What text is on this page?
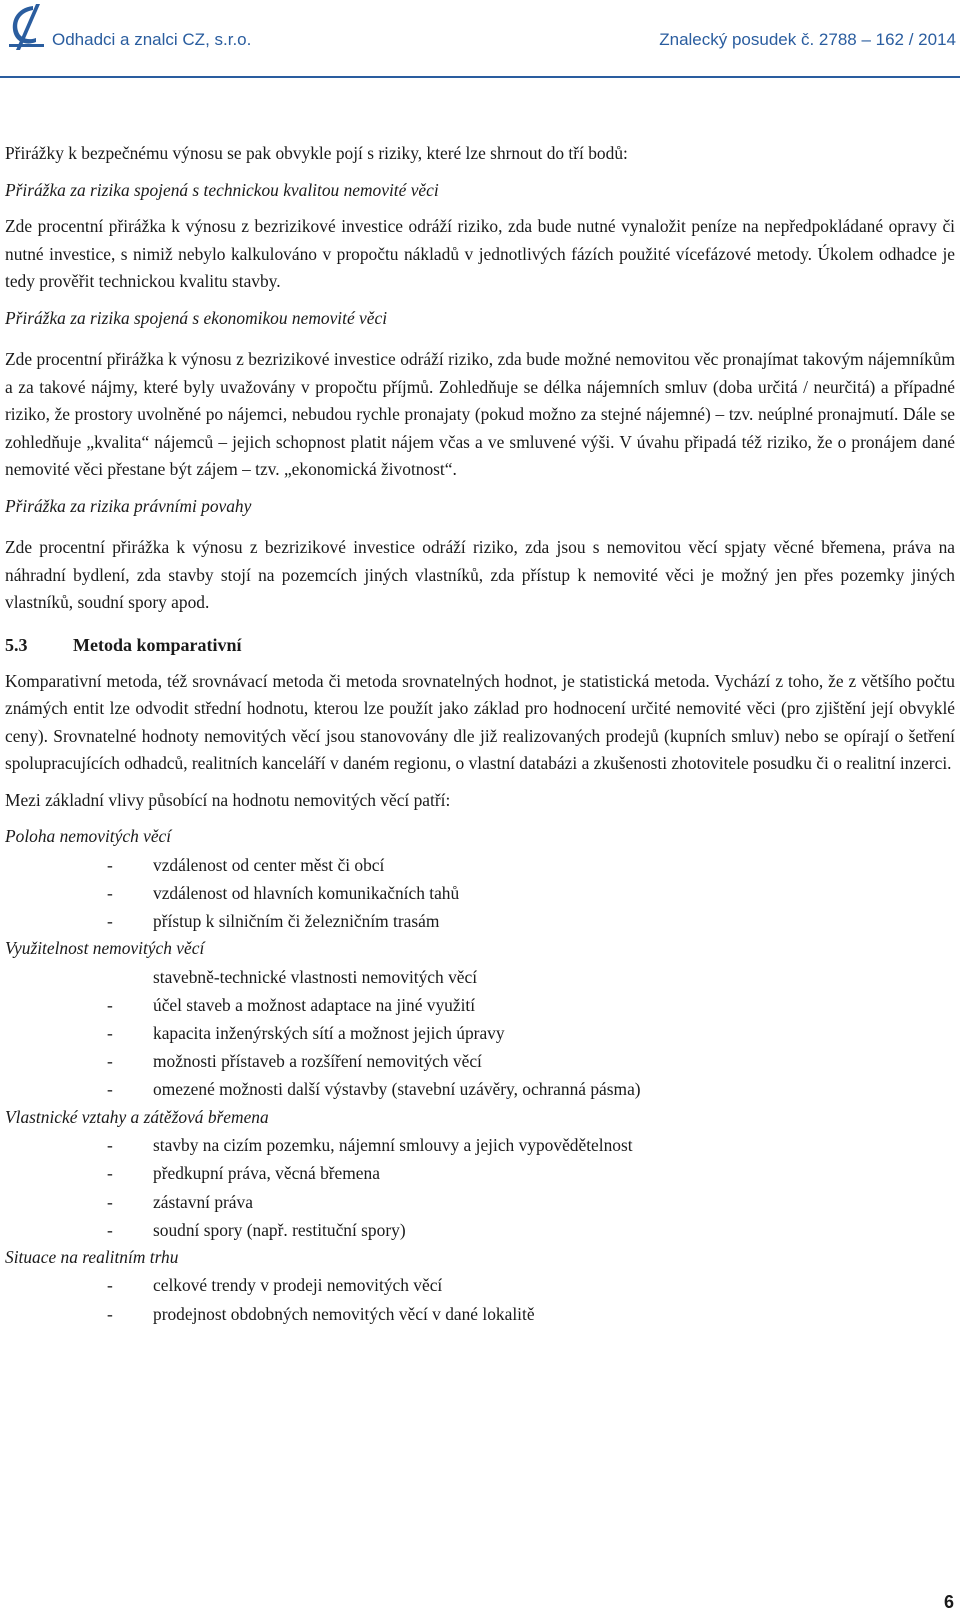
Odhadci a znalci CZ, s.r.o.	Znalecký posudek č. 2788 – 162 / 2014

Přirážky k bezpečnému výnosu se pak obvykle pojí s riziky, které lze shrnout do tří bodů:

Přirážka za rizika spojená s technickou kvalitou nemovité věci

Zde procentní přirážka k výnosu z bezrizikové investice odráží riziko, zda bude nutné vynaložit peníze na nepředpokládané opravy či nutné investice, s nimiž nebylo kalkulováno v propočtu nákladů v jednotlivých fázích použité vícefázové metody. Úkolem odhadce je tedy prověřit technickou kvalitu stavby.

Přirážka za rizika spojená s ekonomikou nemovité věci

Zde procentní přirážka k výnosu z bezrizikové investice odráží riziko, zda bude možné nemovitou věc pronajímat takovým nájemníkům a za takové nájmy, které byly uvažovány v propočtu příjmů. Zohledňuje se délka nájemních smluv (doba určitá / neurčitá) a případné riziko, že prostory uvolněné po nájemci, nebudou rychle pronajaty (pokud možno za stejné nájemné) – tzv. neúplné pronajmutí. Dále se zohledňuje „kvalita“ nájemců – jejich schopnost platit nájem včas a ve smluvené výši. V úvahu připadá též riziko, že o pronájem dané nemovité věci přestane být zájem – tzv. „ekonomická životnost“.

Přirážka za rizika právními povahy

Zde procentní přirážka k výnosu z bezrizikové investice odráží riziko, zda jsou s nemovitou věcí spjaty věcné břemena, práva na náhradní bydlení, zda stavby stojí na pozemcích jiných vlastníků, zda přístup k nemovité věci je možný jen přes pozemky jiných vlastníků, soudní spory apod.

5.3	Metoda komparativní

Komparativní metoda, též srovnávací metoda či metoda srovnatelných hodnot, je statistická metoda. Vychází z toho, že z většího počtu známých entit lze odvodit střední hodnotu, kterou lze použít jako základ pro hodnocení určité nemovité věci (pro zjištění její obvyklé ceny). Srovnatelné hodnoty nemovitých věcí jsou stanovovány dle již realizovaných prodejů (kupních smluv) nebo se opírají o šetření spolupracujících odhadců, realitních kanceláří v daném regionu, o vlastní databázi a zkušenosti zhotovitele posudku či o realitní inzerci.

Mezi základní vlivy působící na hodnotu nemovitých věcí patří:

Poloha nemovitých věcí

- vzdálenost od center měst či obcí
- vzdálenost od hlavních komunikačních tahů
- přístup k silničním či železničním trasám

Využitelnost nemovitých věcí

stavebně-technické vlastnosti nemovitých věcí
- účel staveb a možnost adaptace na jiné využití
- kapacita inženýrských sítí a možnost jejich úpravy
- možnosti přístaveb a rozšíření nemovitých věcí
- omezené možnosti další výstavby (stavební uzávěry, ochranná pásma)

Vlastnické vztahy a zátěžová břemena

- stavby na cizím pozemku, nájemní smlouvy a jejich vypovědětelnost
- předkupní práva, věcná břemena
- zástavní práva
- soudní spory (např. restituční spory)

Situace na realitním trhu

- celkové trendy v prodeji nemovitých věcí
- prodejnost obdobných nemovitých věcí v dané lokalitě
6
